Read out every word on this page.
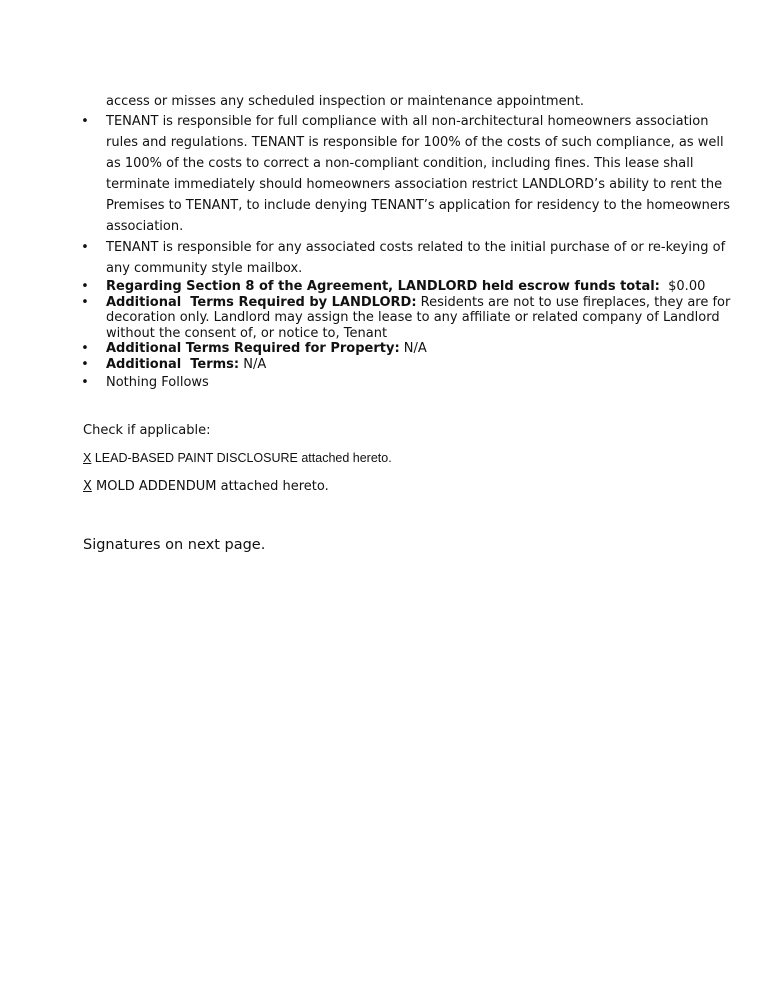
access or misses any scheduled inspection or maintenance appointment.

• TENANT is responsible for full compliance with all non-architectural homeowners association rules and regulations. TENANT is responsible for 100% of the costs of such compliance, as well as 100% of the costs to correct a non-compliant condition, including fines. This lease shall terminate immediately should homeowners association restrict LANDLORD’s ability to rent the Premises to TENANT, to include denying TENANT’s application for residency to the homeowners association.
• TENANT is responsible for any associated costs related to the initial purchase of or re-keying of any community style mailbox.
• Regarding Section 8 of the Agreement, LANDLORD held escrow funds total:  $0.00
• Additional  Terms Required by LANDLORD: Residents are not to use fireplaces, they are for decoration only. Landlord may assign the lease to any affiliate or related company of Landlord without the consent of, or notice to, Tenant
• Additional Terms Required for Property: N/A
• Additional  Terms: N/A
• Nothing Follows

Check if applicable:

X LEAD-BASED PAINT DISCLOSURE attached hereto.

X MOLD ADDENDUM attached hereto.

Signatures on next page.
